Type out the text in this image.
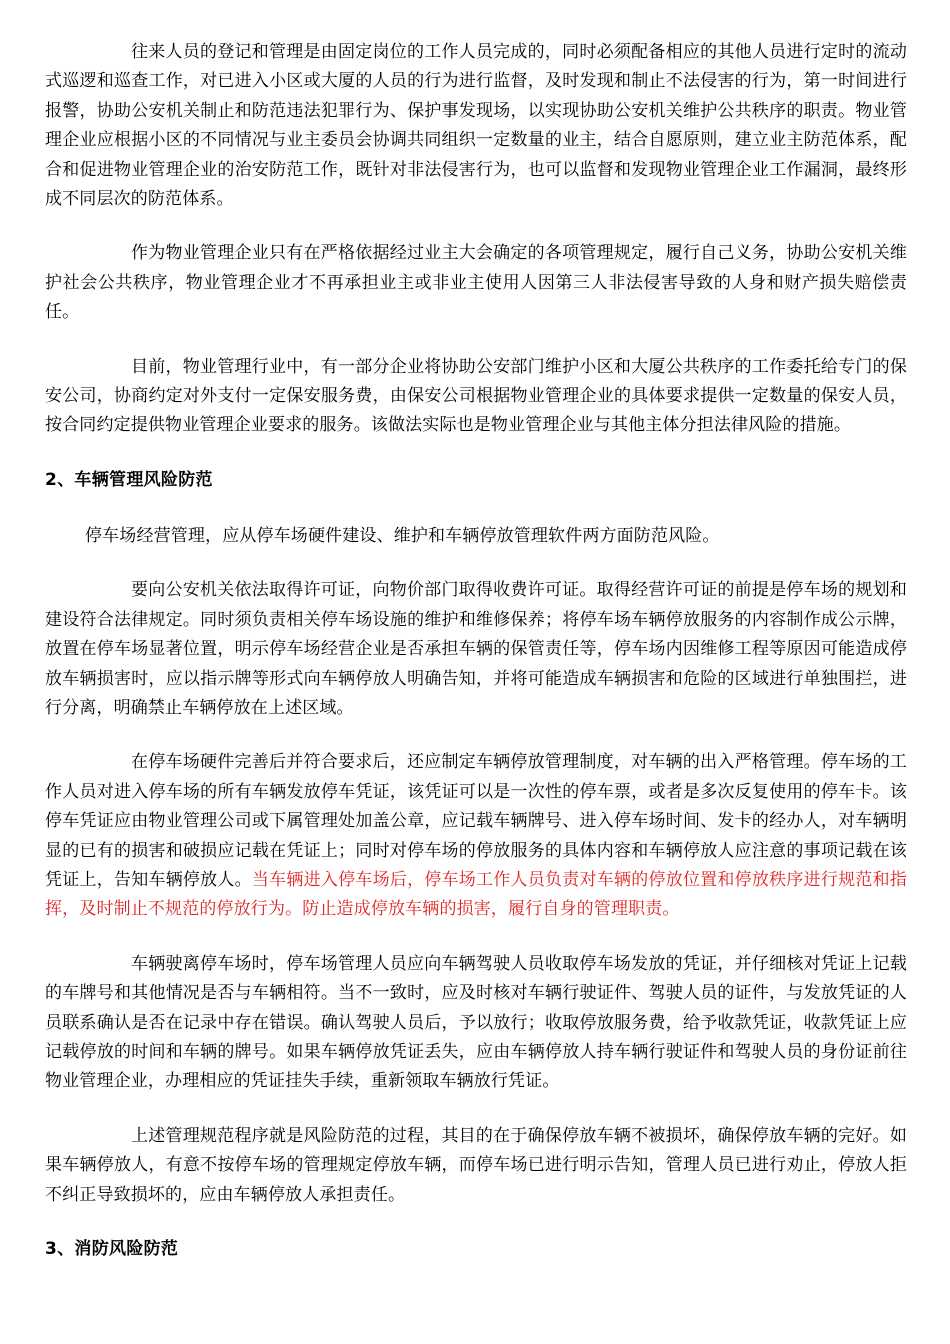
往来人员的登记和管理是由固定岗位的工作人员完成的，同时必须配备相应的其他人员进行定时的流动式巡逻和巡查工作，对已进入小区或大厦的人员的行为进行监督，及时发现和制止不法侵害的行为，第一时间进行报警，协助公安机关制止和防范违法犯罪行为、保护事发现场，以实现协助公安机关维护公共秩序的职责。物业管理企业应根据小区的不同情况与业主委员会协调共同组织一定数量的业主，结合自愿原则，建立业主防范体系，配合和促进物业管理企业的治安防范工作，既针对非法侵害行为，也可以监督和发现物业管理企业工作漏洞，最终形成不同层次的防范体系。

作为物业管理企业只有在严格依据经过业主大会确定的各项管理规定，履行自己义务，协助公安机关维护社会公共秩序，物业管理企业才不再承担业主或非业主使用人因第三人非法侵害导致的人身和财产损失赔偿责任。

目前，物业管理行业中，有一部分企业将协助公安部门维护小区和大厦公共秩序的工作委托给专门的保安公司，协商约定对外支付一定保安服务费，由保安公司根据物业管理企业的具体要求提供一定数量的保安人员，按合同约定提供物业管理企业要求的服务。该做法实际也是物业管理企业与其他主体分担法律风险的措施。

2、车辆管理风险防范

停车场经营管理，应从停车场硬件建设、维护和车辆停放管理软件两方面防范风险。

要向公安机关依法取得许可证，向物价部门取得收费许可证。取得经营许可证的前提是停车场的规划和建设符合法律规定。同时须负责相关停车场设施的维护和维修保养；将停车场车辆停放服务的内容制作成公示牌，放置在停车场显著位置，明示停车场经营企业是否承担车辆的保管责任等，停车场内因维修工程等原因可能造成停放车辆损害时，应以指示牌等形式向车辆停放人明确告知，并将可能造成车辆损害和危险的区域进行单独围拦，进行分离，明确禁止车辆停放在上述区域。

在停车场硬件完善后并符合要求后，还应制定车辆停放管理制度，对车辆的出入严格管理。停车场的工作人员对进入停车场的所有车辆发放停车凭证，该凭证可以是一次性的停车票，或者是多次反复使用的停车卡。该停车凭证应由物业管理公司或下属管理处加盖公章，应记载车辆牌号、进入停车场时间、发卡的经办人，对车辆明显的已有的损害和破损应记载在凭证上；同时对停车场的停放服务的具体内容和车辆停放人应注意的事项记载在该凭证上，告知车辆停放人。当车辆进入停车场后，停车场工作人员负责对车辆的停放位置和停放秩序进行规范和指挥，及时制止不规范的停放行为。防止造成停放车辆的损害，履行自身的管理职责。

车辆驶离停车场时，停车场管理人员应向车辆驾驶人员收取停车场发放的凭证，并仔细核对凭证上记载的车牌号和其他情况是否与车辆相符。当不一致时，应及时核对车辆行驶证件、驾驶人员的证件，与发放凭证的人员联系确认是否在记录中存在错误。确认驾驶人员后，予以放行；收取停放服务费，给予收款凭证，收款凭证上应记载停放的时间和车辆的牌号。如果车辆停放凭证丢失，应由车辆停放人持车辆行驶证件和驾驶人员的身份证前往物业管理企业，办理相应的凭证挂失手续，重新领取车辆放行凭证。

上述管理规范程序就是风险防范的过程，其目的在于确保停放车辆不被损坏，确保停放车辆的完好。如果车辆停放人，有意不按停车场的管理规定停放车辆，而停车场已进行明示告知，管理人员已进行劝止，停放人拒不纠正导致损坏的，应由车辆停放人承担责任。

3、消防风险防范
